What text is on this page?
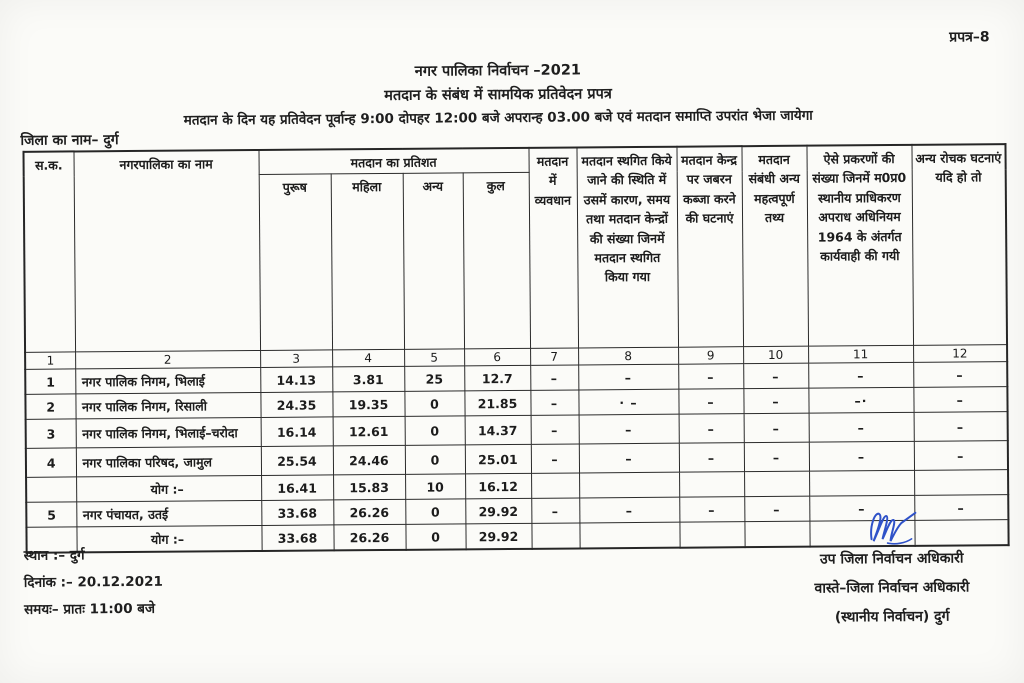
प्रपत्र–8
नगर पालिका निर्वाचन –2021
मतदान के संबंध में सामयिक प्रतिवेदन प्रपत्र
मतदान के दिन यह प्रतिवेदन पूर्वान्ह 9:00 दोपहर 12:00 बजे अपरान्ह 03.00 बजे एवं मतदान समाप्ति उपरांत भेजा जायेगा
जिला का नाम– दुर्ग
स.क.	नगरपालिका का नाम	मतदान का प्रतिशत				मतदान में व्यवधान	मतदान स्थगित किये जाने की स्थिति में उसमें कारण, समय तथा मतदान केन्द्रों की संख्या जिनमें मतदान स्थगित किया गया	मतदान केन्द्र पर जबरन कब्जा करने की घटनाएं	मतदान संबंधी अन्य महत्वपूर्ण तथ्य	ऐसे प्रकरणों की संख्या जिनमें म0प्र0 स्थानीय प्राधिकरण अपराध अधिनियम 1964 के अंतर्गत कार्यवाही की गयी	अन्य रोचक घटनाएं यदि हो तो
		पुरूष	महिला	अन्य	कुल						
1	2	3	4	5	6	7	8	9	10	11	12
1	नगर पालिक निगम, भिलाई	14.13	3.81	25	12.7	–	–	–	–	–	–
2	नगर पालिक निगम, रिसाली	24.35	19.35	0	21.85	–	· –	–	–	–·	–
3	नगर पालिक निगम, भिलाई–चरोदा	16.14	12.61	0	14.37	–	–	–	–	–	–
4	नगर पालिका परिषद, जामुल	25.54	24.46	0	25.01	–	–	–	–	–	–
	योग :–	16.41	15.83	10	16.12						
5	नगर पंचायत, उतई	33.68	26.26	0	29.92	–	–	–	–	–	–
	योग :–	33.68	26.26	0	29.92						
स्थान :– दुर्ग
दिनांक :– 20.12.2021
समयः– प्रातः 11:00 बजे
उप जिला निर्वाचन अधिकारी
वास्ते–जिला निर्वाचन अधिकारी
(स्थानीय निर्वाचन) दुर्ग
